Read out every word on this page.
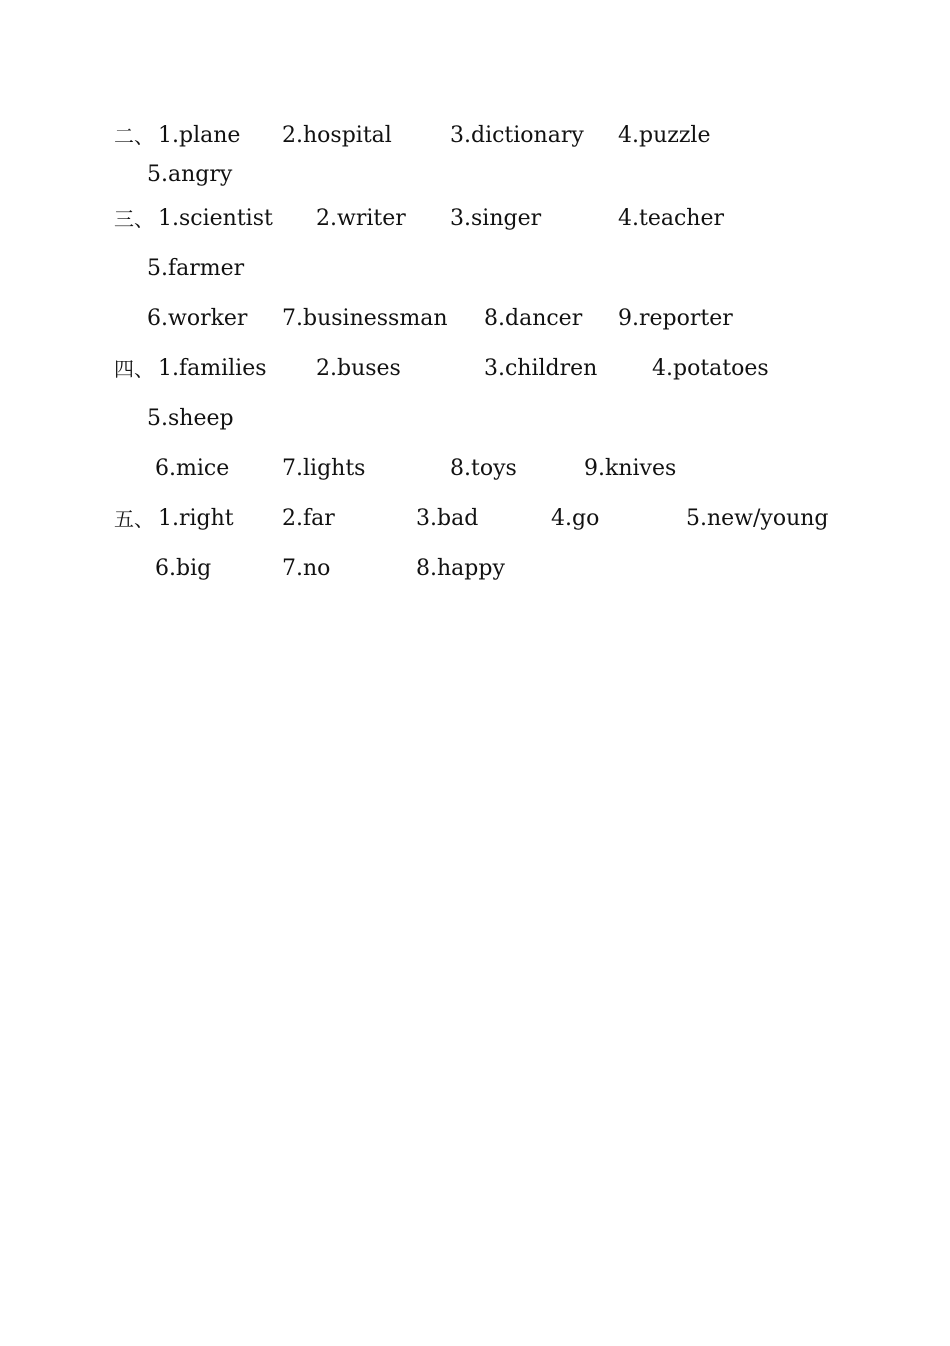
二、 1.plane 2.hospital	3.dictionary 4.puzzle
5.angry
三、 1.scientist 2.writer 3.singer	4.teacher
5.farmer
6.worker 7.businessman 8.dancer 9.reporter
四、 1.families 2.buses	3.children 4.potatoes
5.sheep
6.mice 7.lights	8.toys	9.knives
五、 1.right 2.far	3.bad	4.go	5.new/young
6.big	7.no	8.happy
